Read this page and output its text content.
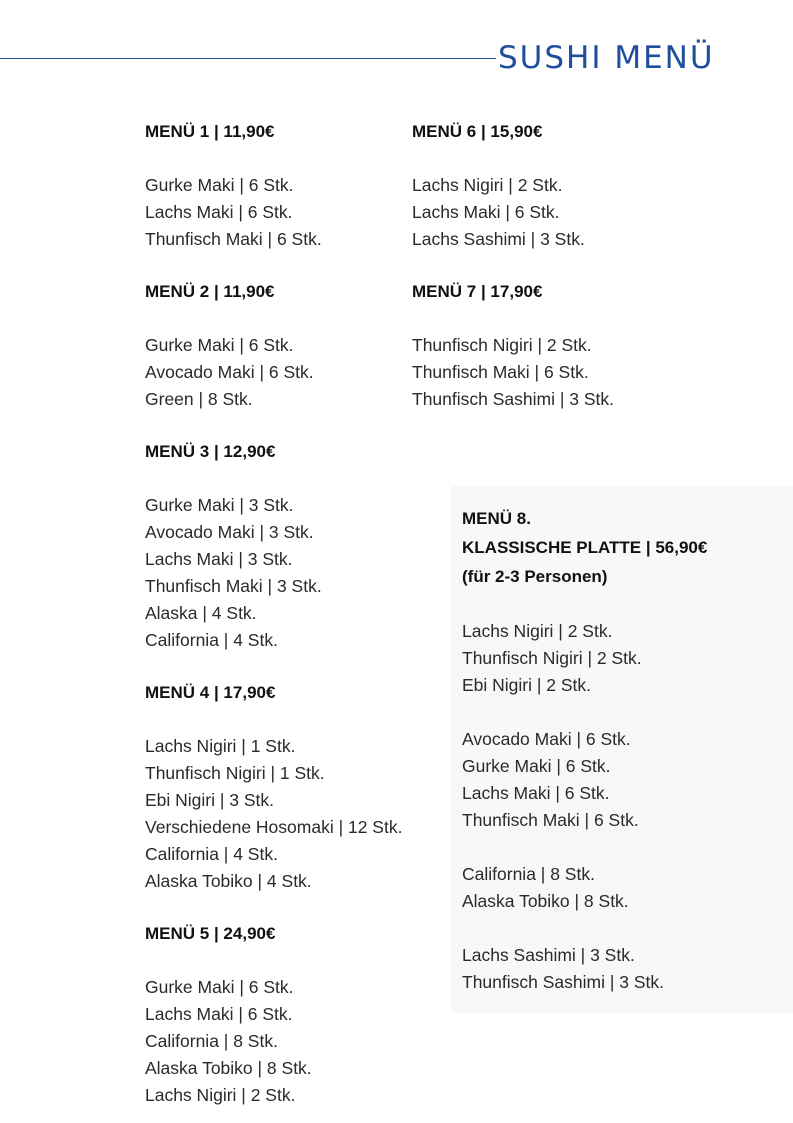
SUSHI MENÜ
MENÜ 1 | 11,90€
Gurke Maki | 6 Stk.
Lachs Maki | 6 Stk.
Thunfisch Maki | 6 Stk.
MENÜ 2 | 11,90€
Gurke Maki | 6 Stk.
Avocado Maki | 6 Stk.
Green | 8 Stk.
MENÜ 3 | 12,90€
Gurke Maki | 3 Stk.
Avocado Maki | 3 Stk.
Lachs Maki | 3 Stk.
Thunfisch Maki | 3 Stk.
Alaska | 4 Stk.
California | 4 Stk.
MENÜ 4 | 17,90€
Lachs Nigiri | 1 Stk.
Thunfisch Nigiri | 1 Stk.
Ebi Nigiri | 3 Stk.
Verschiedene Hosomaki | 12 Stk.
California | 4 Stk.
Alaska Tobiko | 4 Stk.
MENÜ 5 | 24,90€
Gurke Maki | 6 Stk.
Lachs Maki | 6 Stk.
California | 8 Stk.
Alaska Tobiko | 8 Stk.
Lachs Nigiri | 2 Stk.
MENÜ 6 | 15,90€
Lachs Nigiri | 2 Stk.
Lachs Maki | 6 Stk.
Lachs Sashimi | 3 Stk.
MENÜ 7 | 17,90€
Thunfisch Nigiri | 2 Stk.
Thunfisch Maki | 6 Stk.
Thunfisch Sashimi | 3 Stk.
MENÜ 8.
KLASSISCHE PLATTE | 56,90€
(für 2-3 Personen)
Lachs Nigiri | 2 Stk.
Thunfisch Nigiri | 2 Stk.
Ebi Nigiri | 2 Stk.
Avocado Maki | 6 Stk.
Gurke Maki | 6 Stk.
Lachs Maki | 6 Stk.
Thunfisch Maki | 6 Stk.
California | 8 Stk.
Alaska Tobiko | 8 Stk.
Lachs Sashimi | 3 Stk.
Thunfisch Sashimi | 3 Stk.
